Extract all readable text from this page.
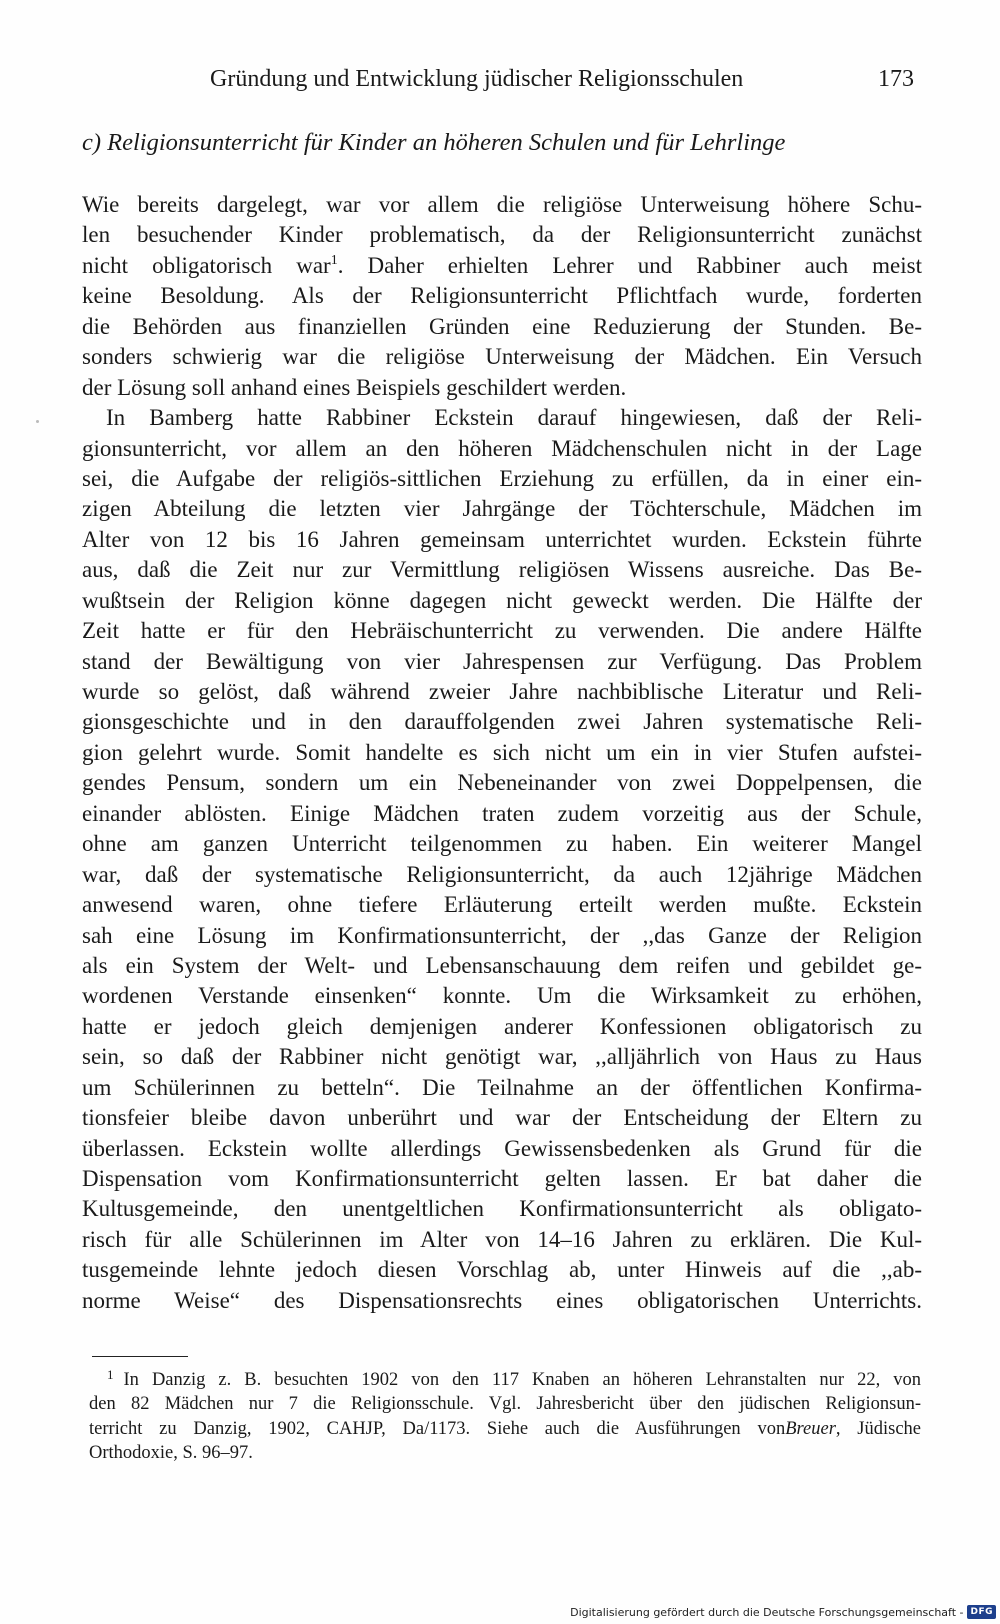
Gründung und Entwicklung jüdischer Religionsschulen	173
c) Religionsunterricht für Kinder an höheren Schulen und für Lehrlinge
Wie bereits dargelegt, war vor allem die religiöse Unterweisung höhere Schu-
len besuchender Kinder problematisch, da der Religionsunterricht zunächst
nicht obligatorisch war$^1$. Daher erhielten Lehrer und Rabbiner auch meist
keine Besoldung. Als der Religionsunterricht Pflichtfach wurde, forderten
die Behörden aus finanziellen Gründen eine Reduzierung der Stunden. Be-
sonders schwierig war die religiöse Unterweisung der Mädchen. Ein Versuch
der Lösung soll anhand eines Beispiels geschildert werden.
In Bamberg hatte Rabbiner Eckstein darauf hingewiesen, daß der Reli-
gionsunterricht, vor allem an den höheren Mädchenschulen nicht in der Lage
sei, die Aufgabe der religiös-sittlichen Erziehung zu erfüllen, da in einer ein-
zigen Abteilung die letzten vier Jahrgänge der Töchterschule, Mädchen im
Alter von 12 bis 16 Jahren gemeinsam unterrichtet wurden. Eckstein führte
aus, daß die Zeit nur zur Vermittlung religiösen Wissens ausreiche. Das Be-
wußtsein der Religion könne dagegen nicht geweckt werden. Die Hälfte der
Zeit hatte er für den Hebräischunterricht zu verwenden. Die andere Hälfte
stand der Bewältigung von vier Jahrespensen zur Verfügung. Das Problem
wurde so gelöst, daß während zweier Jahre nachbiblische Literatur und Reli-
gionsgeschichte und in den darauffolgenden zwei Jahren systematische Reli-
gion gelehrt wurde. Somit handelte es sich nicht um ein in vier Stufen aufstei-
gendes Pensum, sondern um ein Nebeneinander von zwei Doppelpensen, die
einander ablösten. Einige Mädchen traten zudem vorzeitig aus der Schule,
ohne am ganzen Unterricht teilgenommen zu haben. Ein weiterer Mangel
war, daß der systematische Religionsunterricht, da auch 12jährige Mädchen
anwesend waren, ohne tiefere Erläuterung erteilt werden mußte. Eckstein
sah eine Lösung im Konfirmationsunterricht, der ,,das Ganze der Religion
als ein System der Welt- und Lebensanschauung dem reifen und gebildet ge-
wordenen Verstande einsenken“ konnte. Um die Wirksamkeit zu erhöhen,
hatte er jedoch gleich demjenigen anderer Konfessionen obligatorisch zu
sein, so daß der Rabbiner nicht genötigt war, ,,alljährlich von Haus zu Haus
um Schülerinnen zu betteln“. Die Teilnahme an der öffentlichen Konfirma-
tionsfeier bleibe davon unberührt und war der Entscheidung der Eltern zu
überlassen. Eckstein wollte allerdings Gewissensbedenken als Grund für die
Dispensation vom Konfirmationsunterricht gelten lassen. Er bat daher die
Kultusgemeinde, den unentgeltlichen Konfirmationsunterricht als obligato-
risch für alle Schülerinnen im Alter von 14–16 Jahren zu erklären. Die Kul-
tusgemeinde lehnte jedoch diesen Vorschlag ab, unter Hinweis auf die ,,ab-
norme Weise“ des Dispensationsrechts eines obligatorischen Unterrichts.
1 In Danzig z. B. besuchten 1902 von den 117 Knaben an höheren Lehranstalten nur 22, von
den 82 Mädchen nur 7 die Religionsschule. Vgl. Jahresbericht über den jüdischen Religionsun-
terricht zu Danzig, 1902, CAHJP, Da/1173. Siehe auch die Ausführungen vonBreuer, Jüdische
Orthodoxie, S. 96–97.
Digitalisierung gefördert durch die Deutsche Forschungsgemeinschaft - DFG
